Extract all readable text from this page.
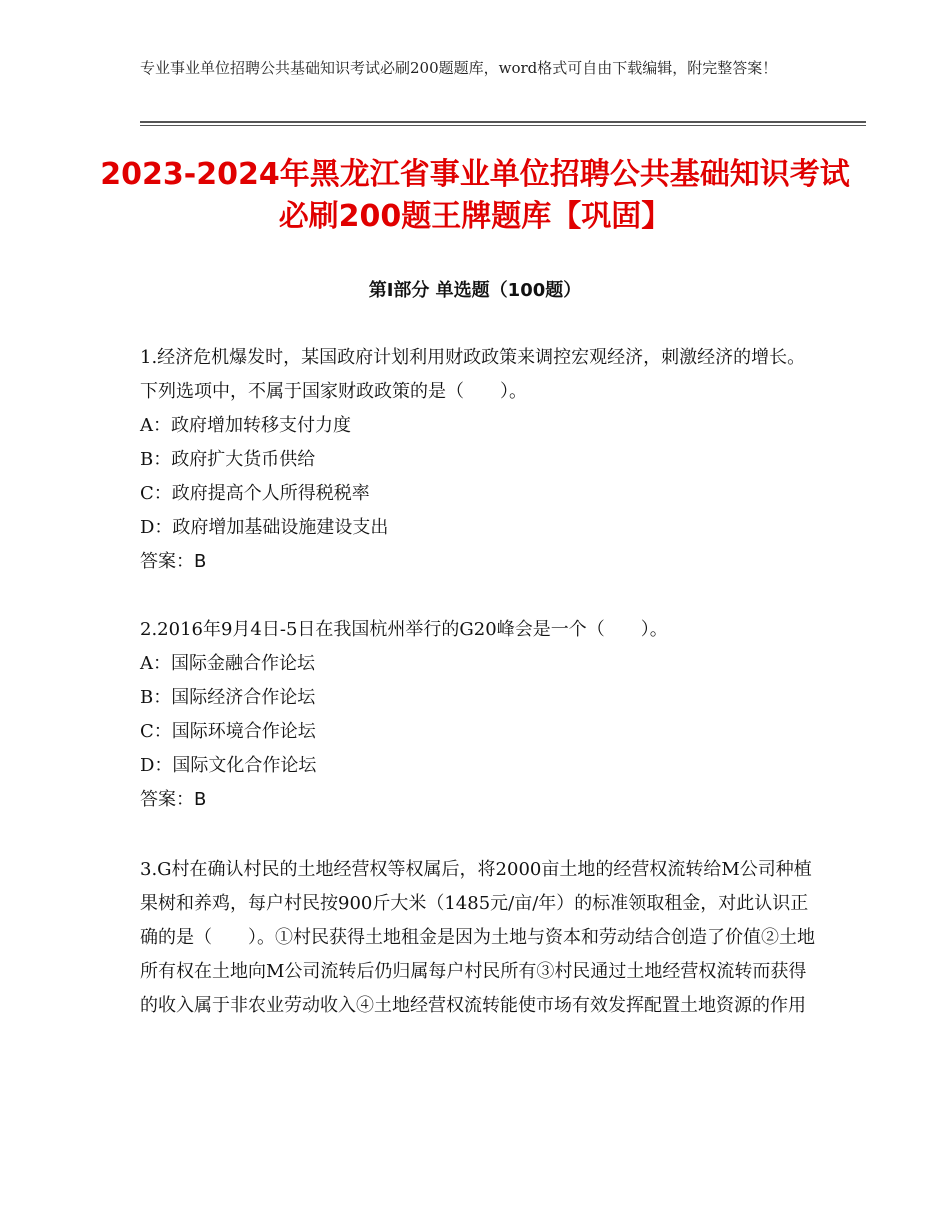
专业事业单位招聘公共基础知识考试必刷200题题库，word格式可自由下载编辑，附完整答案！
2023-2024年黑龙江省事业单位招聘公共基础知识考试必刷200题王牌题库【巩固】
第Ⅰ部分 单选题（100题）

1.经济危机爆发时，某国政府计划利用财政政策来调控宏观经济，刺激经济的增长。下列选项中，不属于国家财政政策的是（　　）。

A：政府增加转移支付力度

B：政府扩大货币供给

C：政府提高个人所得税税率

D：政府增加基础设施建设支出

答案：B

2.2016年9月4日-5日在我国杭州举行的G20峰会是一个（　　）。

A：国际金融合作论坛

B：国际经济合作论坛

C：国际环境合作论坛

D：国际文化合作论坛

答案：B

3.G村在确认村民的土地经营权等权属后，将2000亩土地的经营权流转给M公司种植果树和养鸡，每户村民按900斤大米（1485元/亩/年）的标准领取租金，对此认识正确的是（　　）。①村民获得土地租金是因为土地与资本和劳动结合创造了价值②土地所有权在土地向M公司流转后仍归属每户村民所有③村民通过土地经营权流转而获得的收入属于非农业劳动收入④土地经营权流转能使市场有效发挥配置土地资源的作用
